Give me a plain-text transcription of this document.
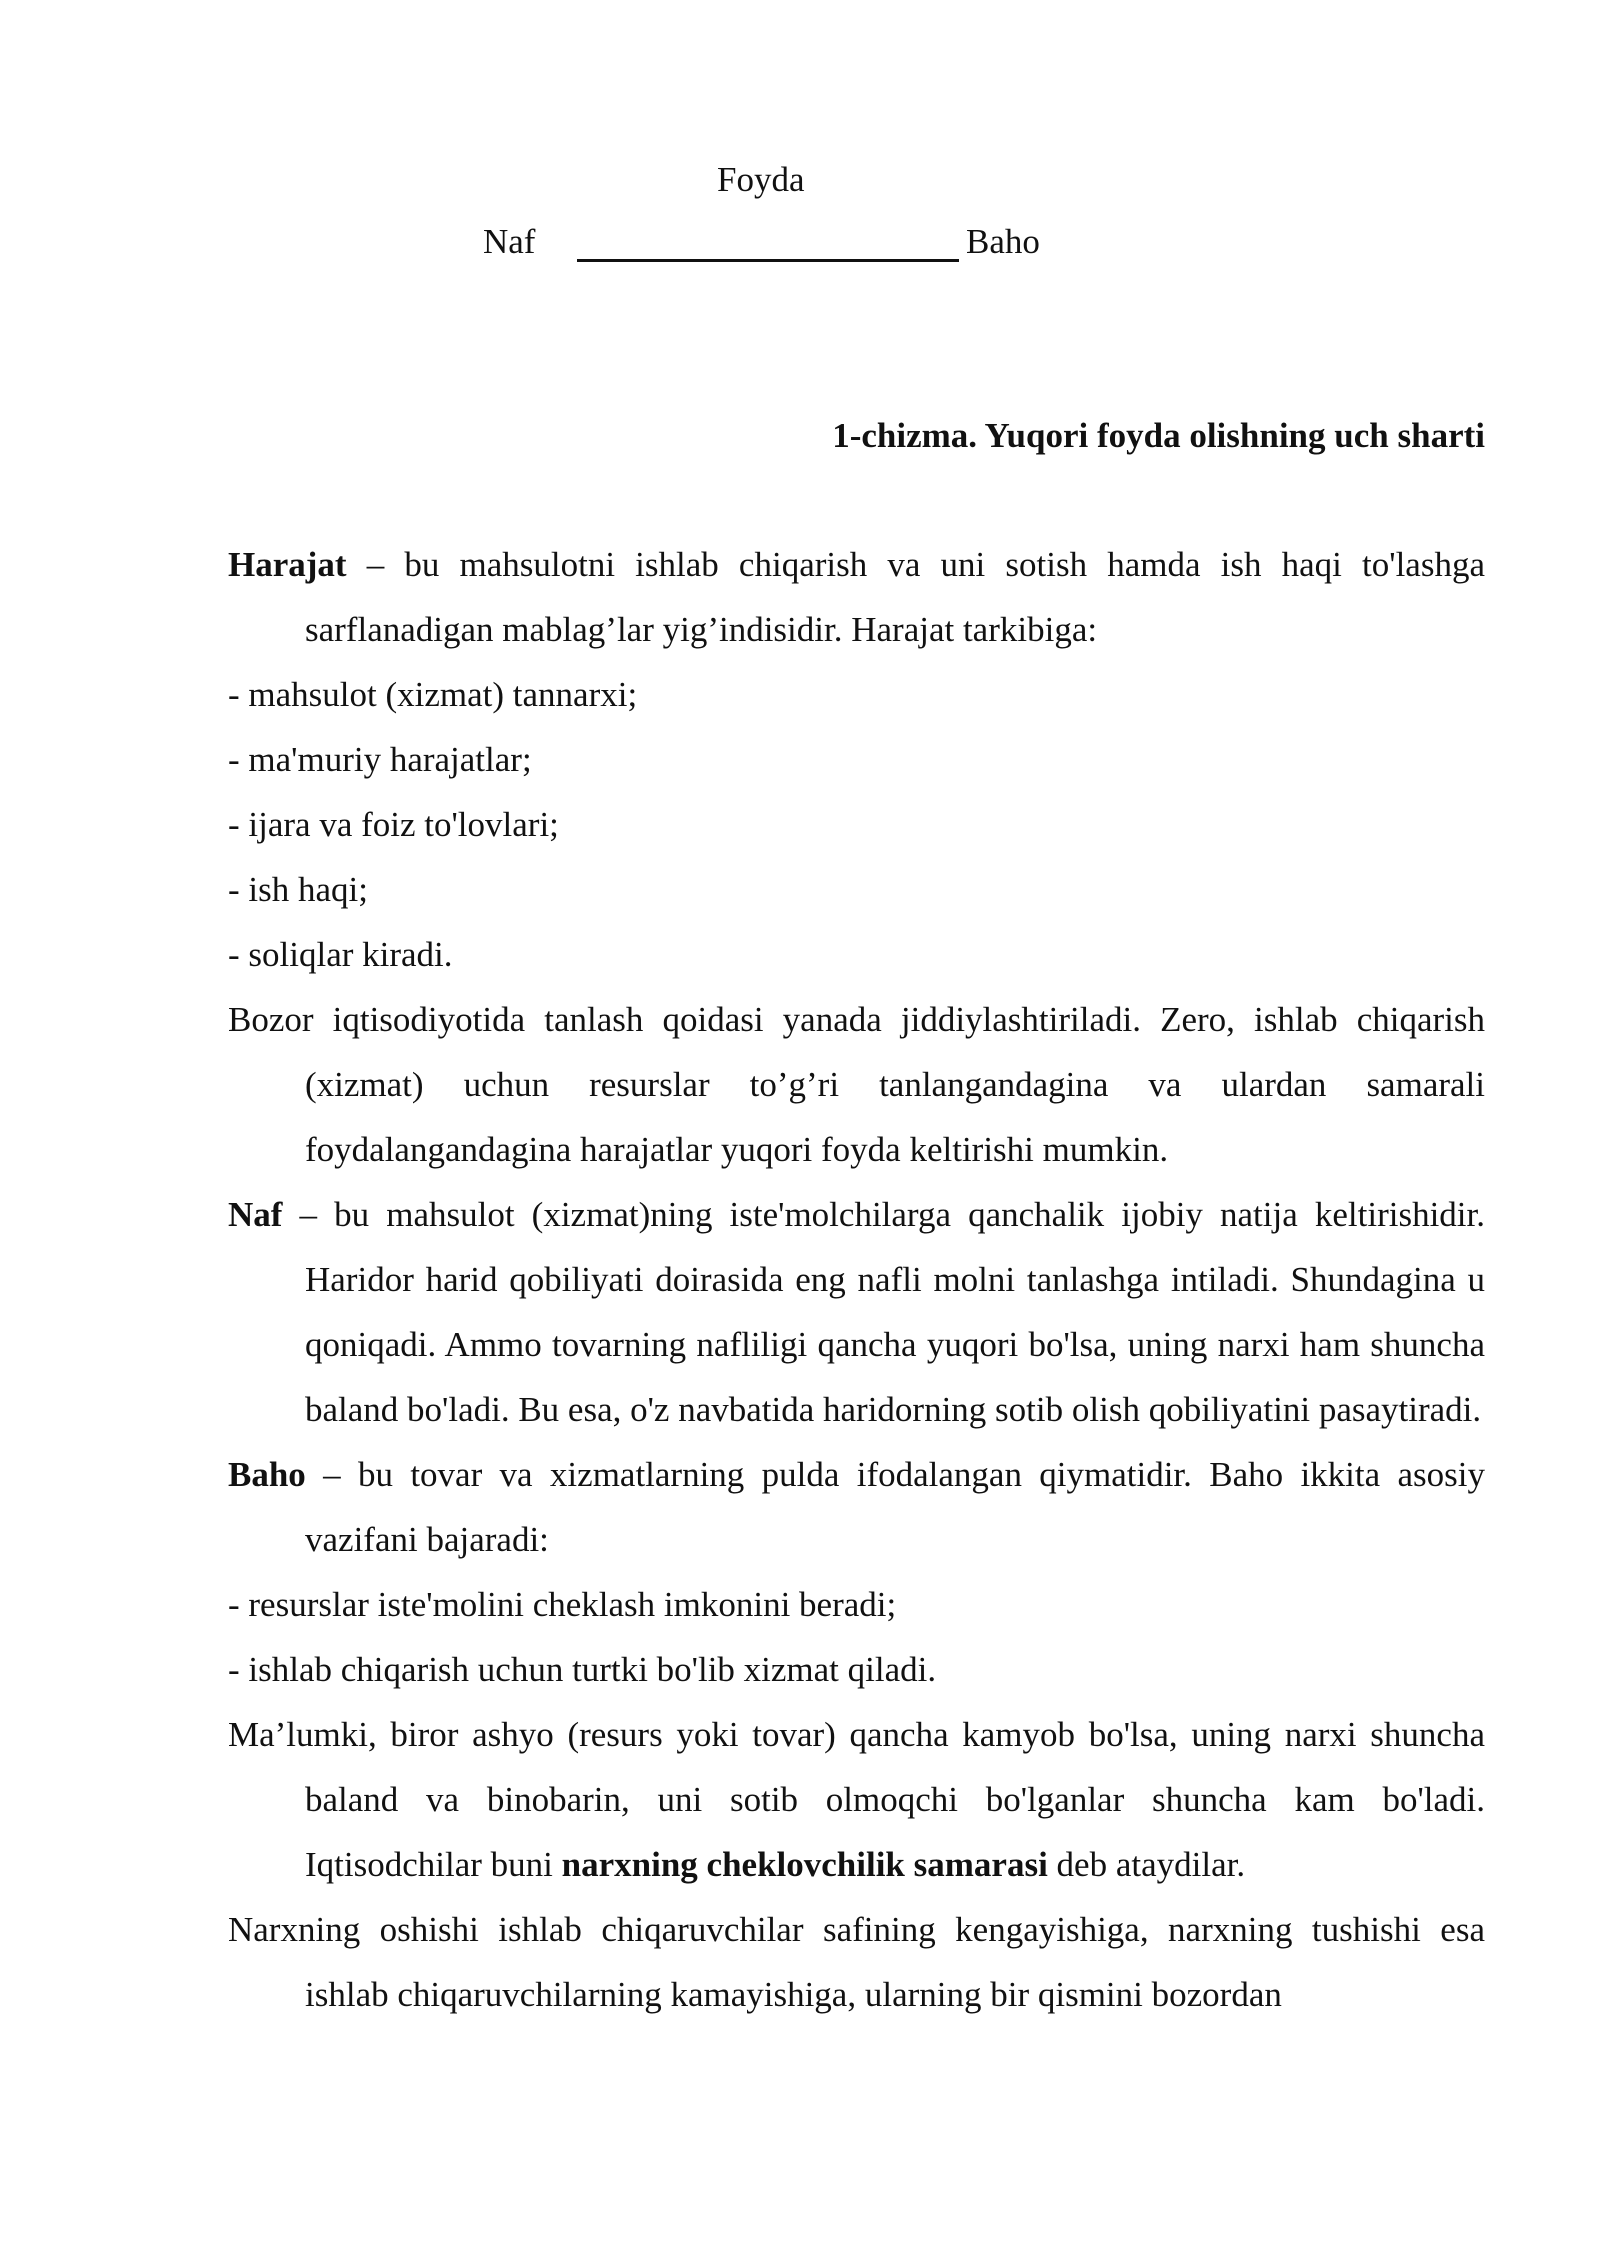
Foyda
Naf	Baho
1-chizma. Yuqori foyda olishning uch sharti

Harajat – bu mahsulotni ishlab chiqarish va uni sotish hamda ish haqi to'lashga sarflanadigan mablag’lar yig’indisidir. Harajat tarkibiga:

- mahsulot (xizmat) tannarxi;

- ma'muriy harajatlar;

- ijara va foiz to'lovlari;

- ish haqi;

- soliqlar kiradi.

Bozor iqtisodiyotida tanlash qoidasi yanada jiddiylashtiriladi. Zero, ishlab chiqarish (xizmat) uchun resurslar to’g’ri tanlangandagina va ulardan samarali foydalangandagina harajatlar yuqori foyda keltirishi mumkin.

Naf – bu mahsulot (xizmat)ning iste'molchilarga qanchalik ijobiy natija keltirishidir. Haridor harid qobiliyati doirasida eng nafli molni tanlashga intiladi. Shundagina u qoniqadi. Ammo tovarning nafliligi qancha yuqori bo'lsa, uning narxi ham shuncha baland bo'ladi. Bu esa, o'z navbatida haridorning sotib olish qobiliyatini pasaytiradi.

Baho – bu tovar va xizmatlarning pulda ifodalangan qiymatidir. Baho ikkita asosiy vazifani bajaradi:

- resurslar iste'molini cheklash imkonini beradi;

- ishlab chiqarish uchun turtki bo'lib xizmat qiladi.

Ma’lumki, biror ashyo (resurs yoki tovar) qancha kamyob bo'lsa, uning narxi shuncha baland va binobarin, uni sotib olmoqchi bo'lganlar shuncha kam bo'ladi. Iqtisodchilar buni narxning cheklovchilik samarasi deb ataydilar.

Narxning oshishi ishlab chiqaruvchilar safining kengayishiga, narxning tushishi esa ishlab chiqaruvchilarning kamayishiga, ularning bir qismini bozordan
